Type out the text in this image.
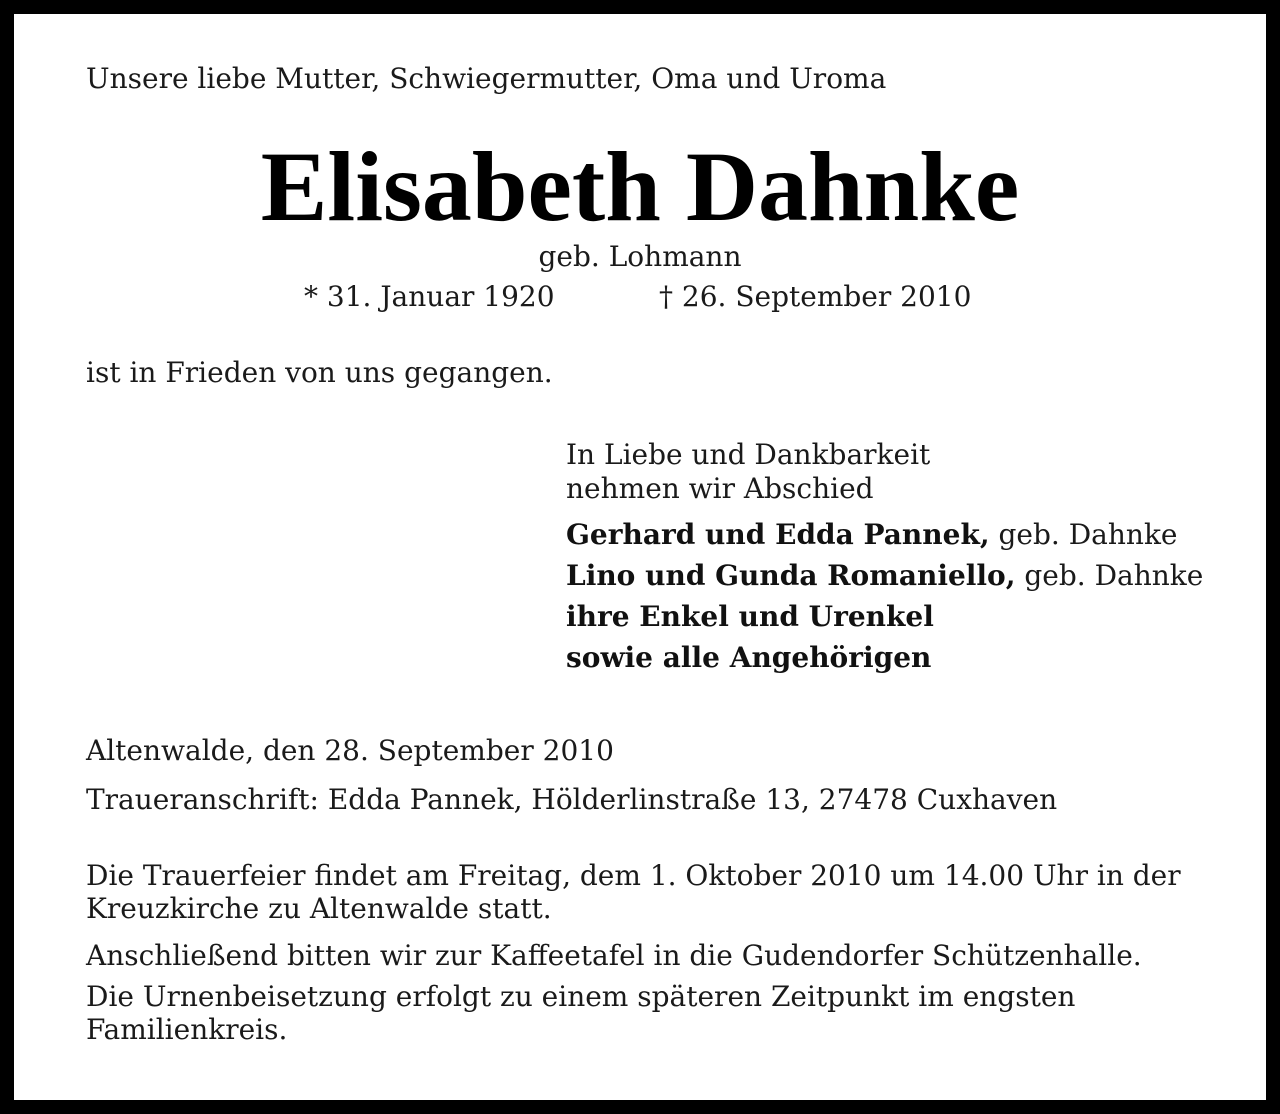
Unsere liebe Mutter, Schwiegermutter, Oma und Uroma
Elisabeth Dahnke
geb. Lohmann
* 31. Januar 1920	† 26. September 2010
ist in Frieden von uns gegangen.
In Liebe und Dankbarkeit
nehmen wir Abschied
Gerhard und Edda Pannek, geb. Dahnke
Lino und Gunda Romaniello, geb. Dahnke
ihre Enkel und Urenkel
sowie alle Angehörigen
Altenwalde, den 28. September 2010
Traueranschrift: Edda Pannek, Hölderlinstraße 13, 27478 Cuxhaven
Die Trauerfeier findet am Freitag, dem 1. Oktober 2010 um 14.00 Uhr in der Kreuzkirche zu Altenwalde statt.
Anschließend bitten wir zur Kaffeetafel in die Gudendorfer Schützenhalle.
Die Urnenbeisetzung erfolgt zu einem späteren Zeitpunkt im engsten Familienkreis.
